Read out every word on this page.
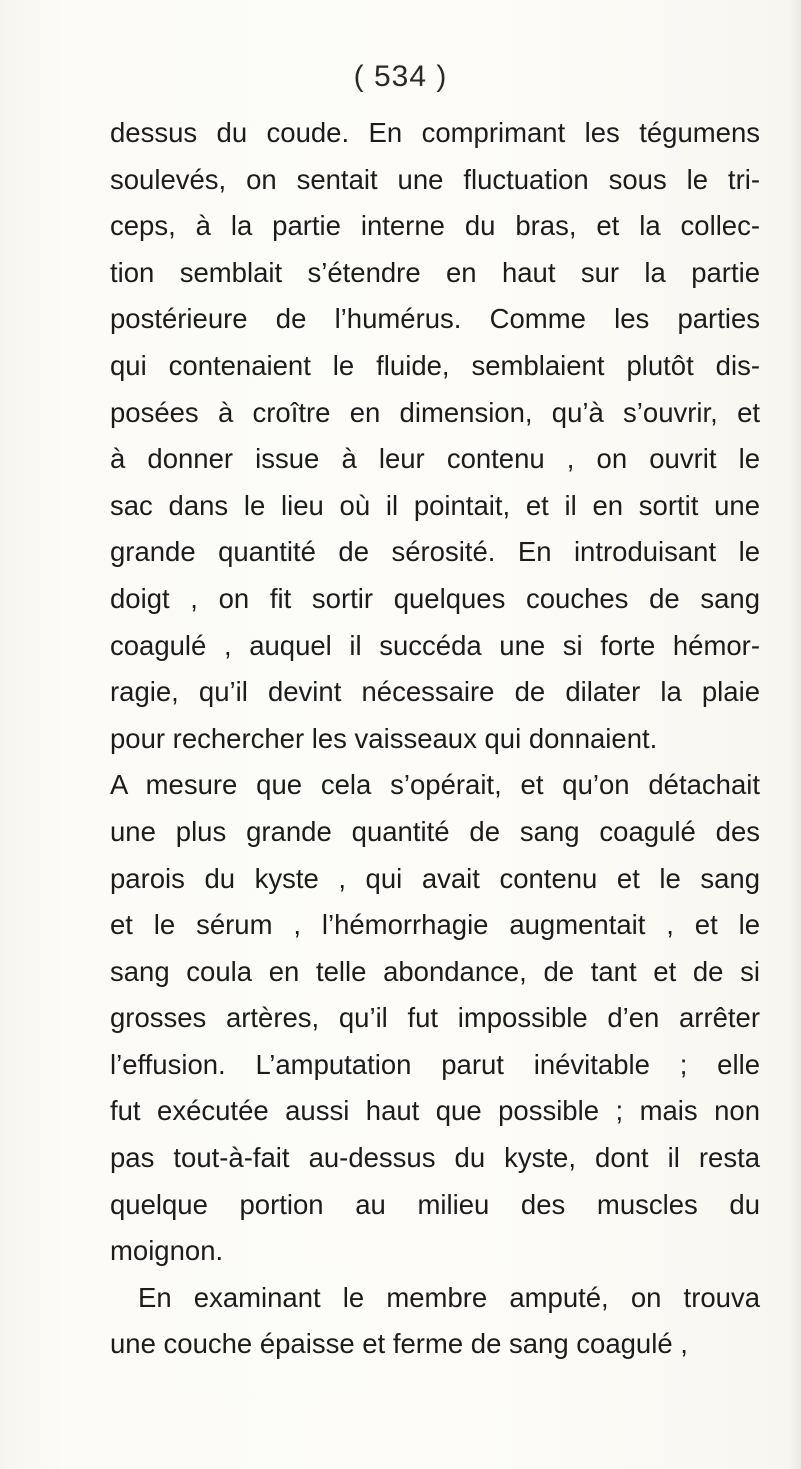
( 534 )
dessus du coude. En comprimant les tégumens
soulevés, on sentait une fluctuation sous le tri-
ceps, à la partie interne du bras, et la collec-
tion semblait s’étendre en haut sur la partie
postérieure de l’humérus. Comme les parties
qui contenaient le fluide, semblaient plutôt dis-
posées à croître en dimension, qu’à s’ouvrir, et
à donner issue à leur contenu , on ouvrit le
sac dans le lieu où il pointait, et il en sortit une
grande quantité de sérosité. En introduisant le
doigt , on fit sortir quelques couches de sang
coagulé , auquel il succéda une si forte hémor-
ragie, qu’il devint nécessaire de dilater la plaie
pour rechercher les vaisseaux qui donnaient.
A mesure que cela s’opérait, et qu’on détachait
une plus grande quantité de sang coagulé des
parois du kyste , qui avait contenu et le sang
et le sérum , l’hémorrhagie augmentait , et le
sang coula en telle abondance, de tant et de si
grosses artères, qu’il fut impossible d’en arrêter
l’effusion. L’amputation parut inévitable ; elle
fut exécutée aussi haut que possible ; mais non
pas tout-à-fait au-dessus du kyste, dont il resta
quelque portion au milieu des muscles du
moignon.
En examinant le membre amputé, on trouva
une couche épaisse et ferme de sang coagulé ,
